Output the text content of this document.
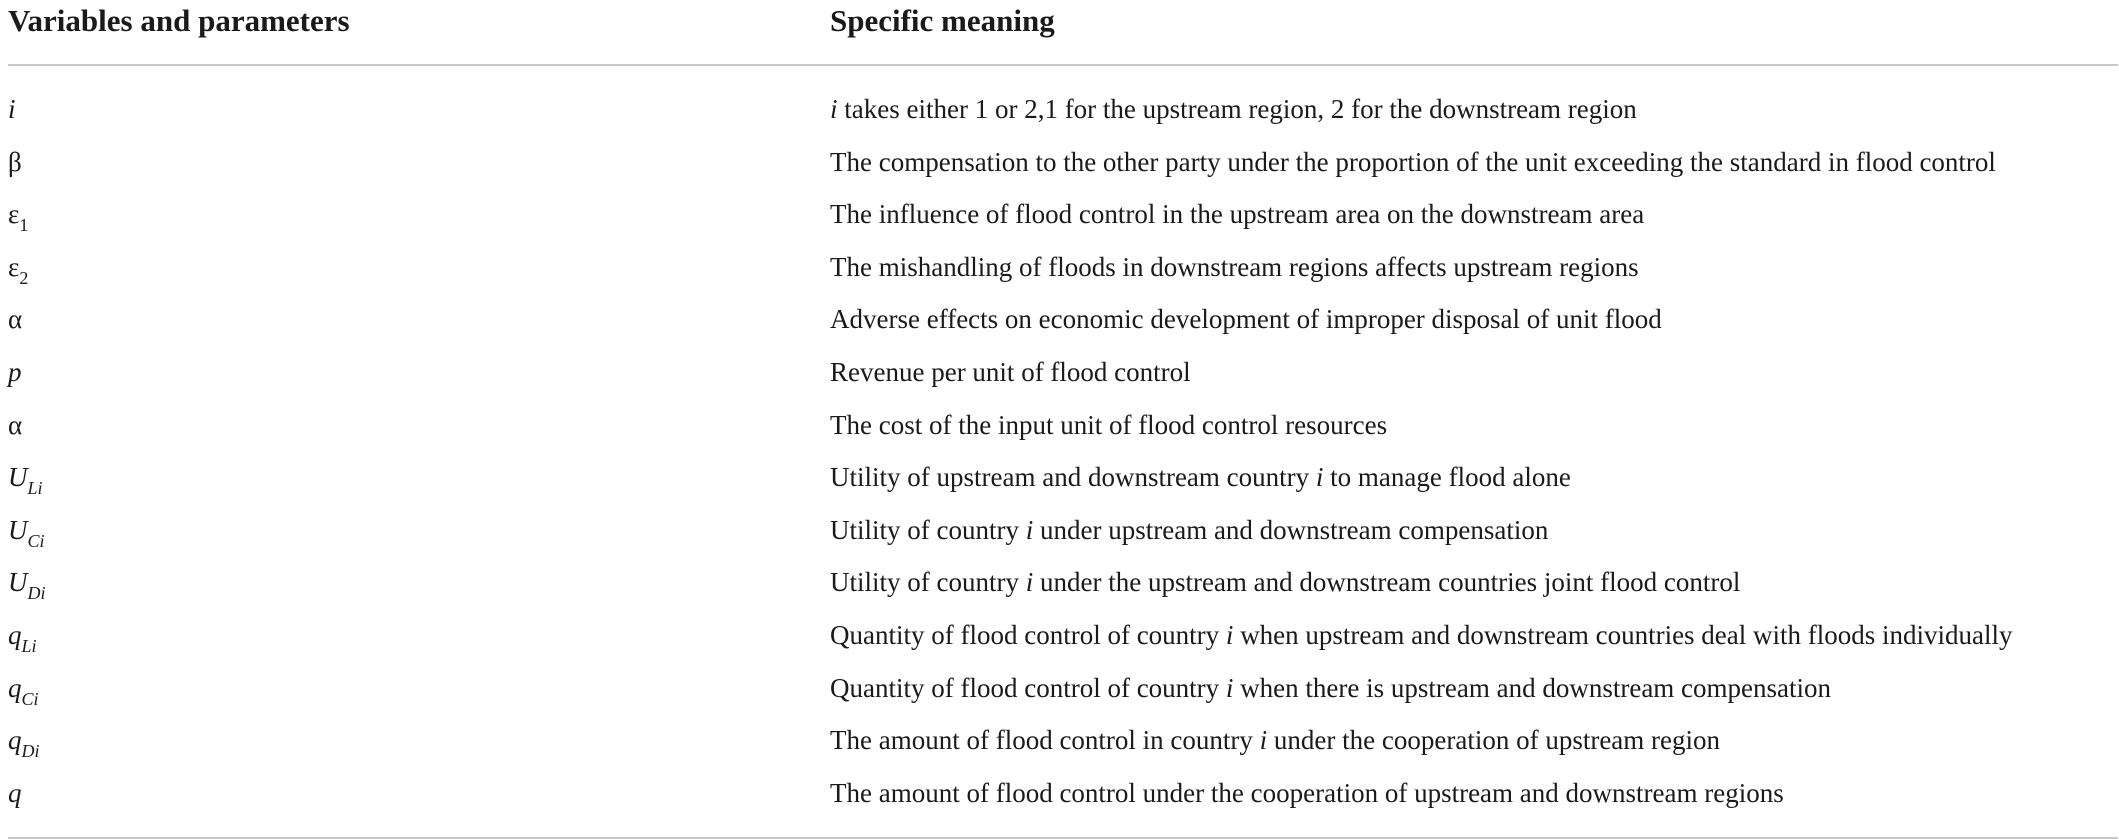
Variables and parameters	Specific meaning
i	i takes either 1 or 2,1 for the upstream region, 2 for the downstream region
β	The compensation to the other party under the proportion of the unit exceeding the standard in flood control
$\varepsilon_1$	The influence of flood control in the upstream area on the downstream area
$\varepsilon_2$	The mishandling of floods in downstream regions affects upstream regions
α	Adverse effects on economic development of improper disposal of unit flood
p	Revenue per unit of flood control
α	The cost of the input unit of flood control resources
$U_{Li}$	Utility of upstream and downstream country i to manage flood alone
$U_{Ci}$	Utility of country i under upstream and downstream compensation
$U_{Di}$	Utility of country i under the upstream and downstream countries joint flood control
$q_{Li}$	Quantity of flood control of country i when upstream and downstream countries deal with floods individually
$q_{Ci}$	Quantity of flood control of country i when there is upstream and downstream compensation
$q_{Di}$	The amount of flood control in country i under the cooperation of upstream region
q	The amount of flood control under the cooperation of upstream and downstream regions
